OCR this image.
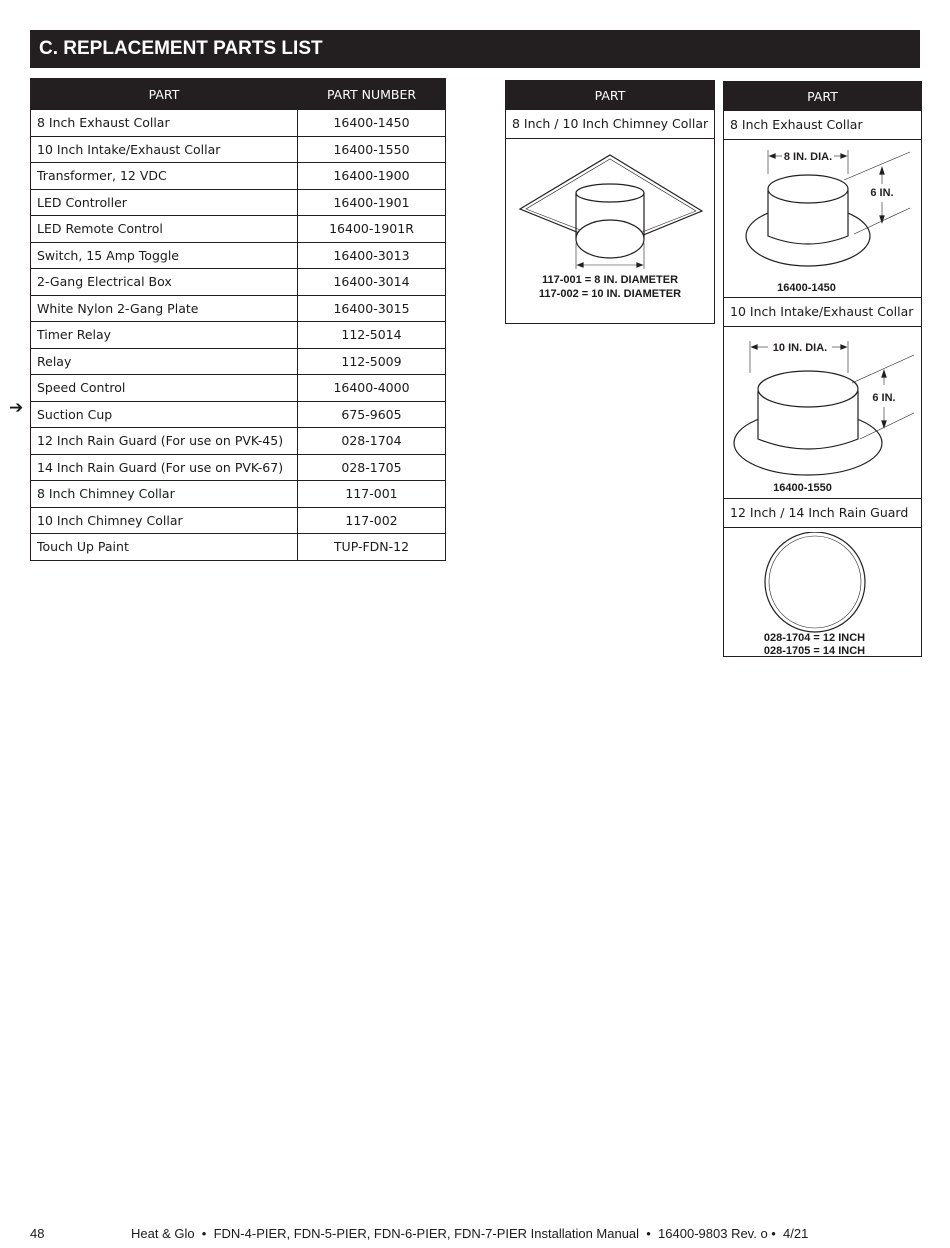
C. REPLACEMENT PARTS LIST
PART	PART NUMBER
8 Inch Exhaust Collar	16400-1450
10 Inch Intake/Exhaust Collar	16400-1550
Transformer, 12 VDC	16400-1900
LED Controller	16400-1901
LED Remote Control	16400-1901R
Switch, 15 Amp Toggle	16400-3013
2-Gang Electrical Box	16400-3014
White Nylon 2-Gang Plate	16400-3015
Timer Relay	112-5014
Relay	112-5009
Speed Control	16400-4000
Suction Cup	675-9605
12 Inch Rain Guard (For use on PVK-45)	028-1704
14 Inch Rain Guard (For use on PVK-67)	028-1705
8 Inch Chimney Collar	117-001
10 Inch Chimney Collar	117-002
Touch Up Paint	TUP-FDN-12
➔
PART
8 Inch / 10 Inch Chimney Collar
117-001 = 8 IN. DIAMETER
117-002 = 10 IN. DIAMETER
PART
8 Inch Exhaust Collar
8 IN. DIA.
6 IN.
16400-1450
10 Inch Intake/Exhaust Collar
10 IN. DIA.
6 IN.
16400-1550
12 Inch / 14 Inch Rain Guard
028-1704 = 12 INCH
028-1705 = 14 INCH
48	Heat & Glo  •  FDN-4-PIER, FDN-5-PIER, FDN-6-PIER, FDN-7-PIER Installation Manual  •  16400-9803 Rev. o •  4/21
